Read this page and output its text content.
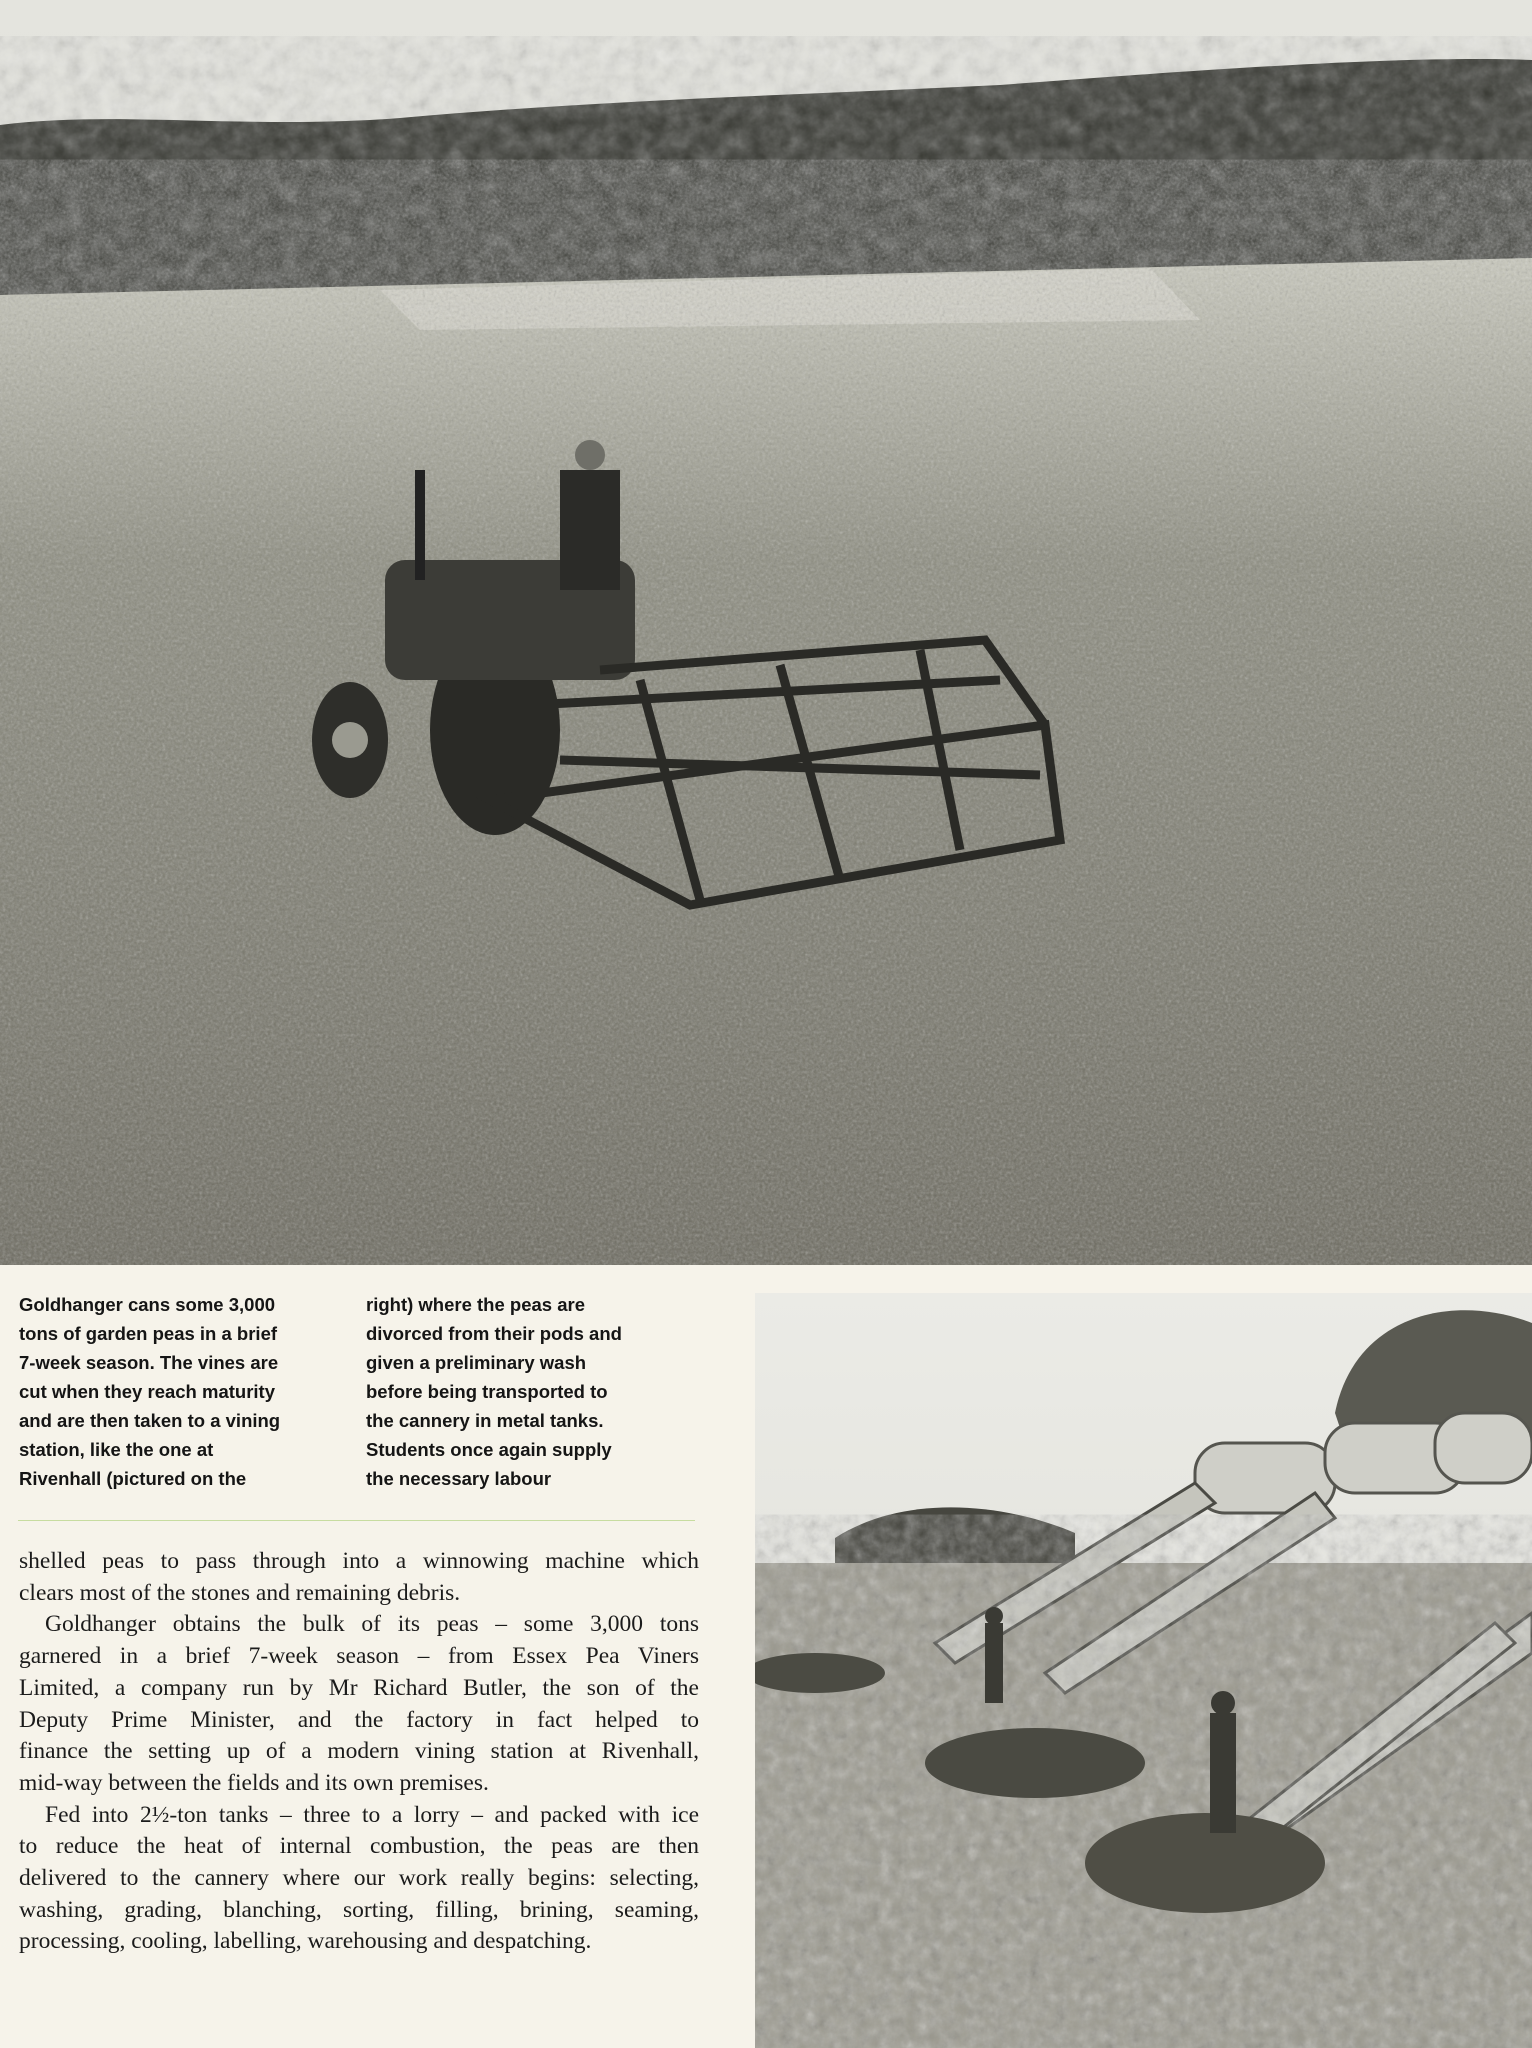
Goldhanger cans some 3,000
tons of garden peas in a brief
7-week season. The vines are
cut when they reach maturity
and are then taken to a vining
station, like the one at
Rivenhall (pictured on the
right) where the peas are
divorced from their pods and
given a preliminary wash
before being transported to
the cannery in metal tanks.
Students once again supply
the necessary labour
shelled peas to pass through into a winnowing machine which
clears most of the stones and remaining debris.
Goldhanger obtains the bulk of its peas – some 3,000 tons
garnered in a brief 7-week season – from Essex Pea Viners
Limited, a company run by Mr Richard Butler, the son of the
Deputy Prime Minister, and the factory in fact helped to
finance the setting up of a modern vining station at Rivenhall,
mid-way between the fields and its own premises.
Fed into 2½-ton tanks – three to a lorry – and packed with ice
to reduce the heat of internal combustion, the peas are then
delivered to the cannery where our work really begins: selecting,
washing, grading, blanching, sorting, filling, brining, seaming,
processing, cooling, labelling, warehousing and despatching.
